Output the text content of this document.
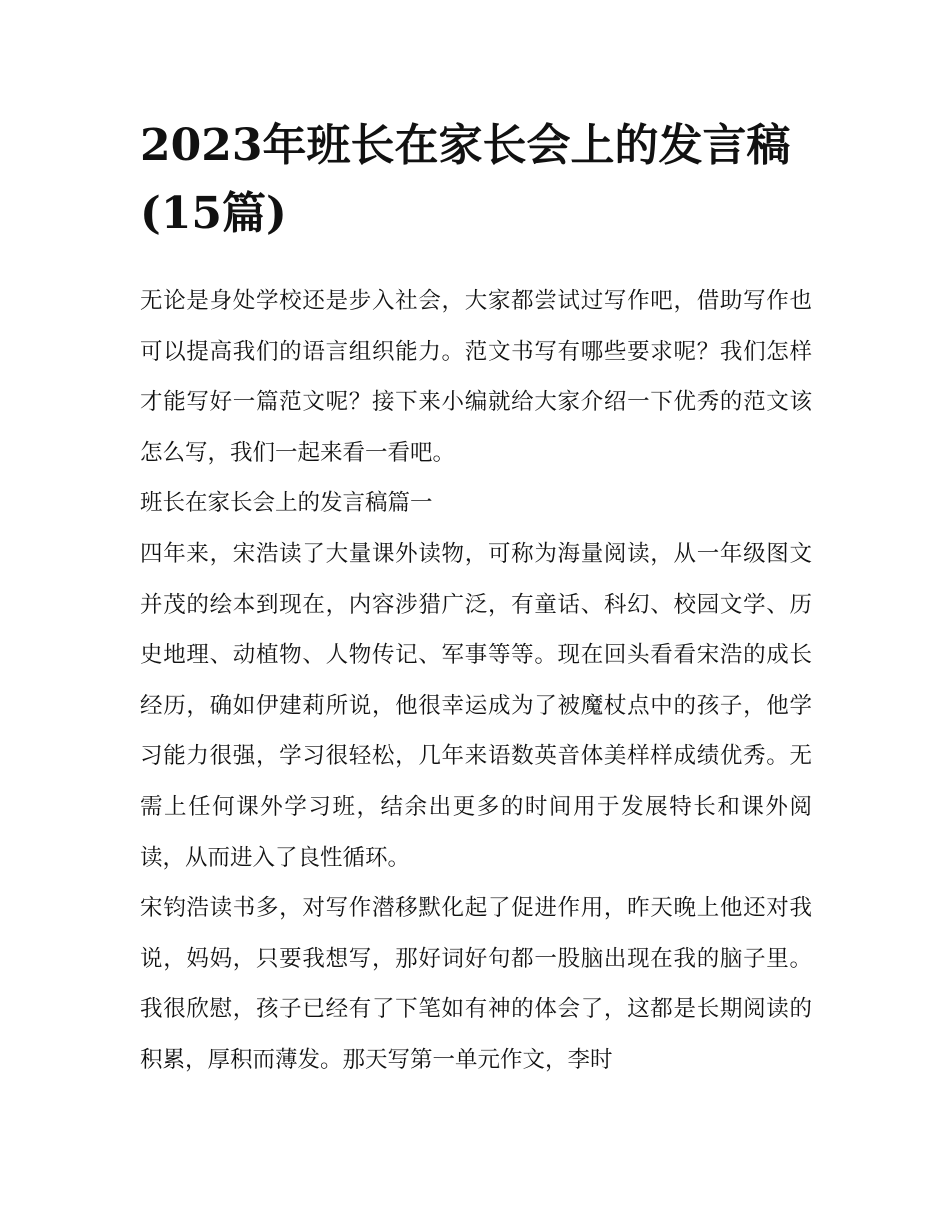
2023年班长在家长会上的发言稿(15篇)

无论是身处学校还是步入社会，大家都尝试过写作吧，借助写作也可以提高我们的语言组织能力。范文书写有哪些要求呢？我们怎样才能写好一篇范文呢？接下来小编就给大家介绍一下优秀的范文该怎么写，我们一起来看一看吧。

班长在家长会上的发言稿篇一

四年来，宋浩读了大量课外读物，可称为海量阅读，从一年级图文并茂的绘本到现在，内容涉猎广泛，有童话、科幻、校园文学、历史地理、动植物、人物传记、军事等等。现在回头看看宋浩的成长经历，确如伊建莉所说，他很幸运成为了被魔杖点中的孩子，他学习能力很强，学习很轻松，几年来语数英音体美样样成绩优秀。无需上任何课外学习班，结余出更多的时间用于发展特长和课外阅读，从而进入了良性循环。

宋钧浩读书多，对写作潜移默化起了促进作用，昨天晚上他还对我说，妈妈，只要我想写，那好词好句都一股脑出现在我的脑子里。我很欣慰，孩子已经有了下笔如有神的体会了，这都是长期阅读的积累，厚积而薄发。那天写第一单元作文，李时
